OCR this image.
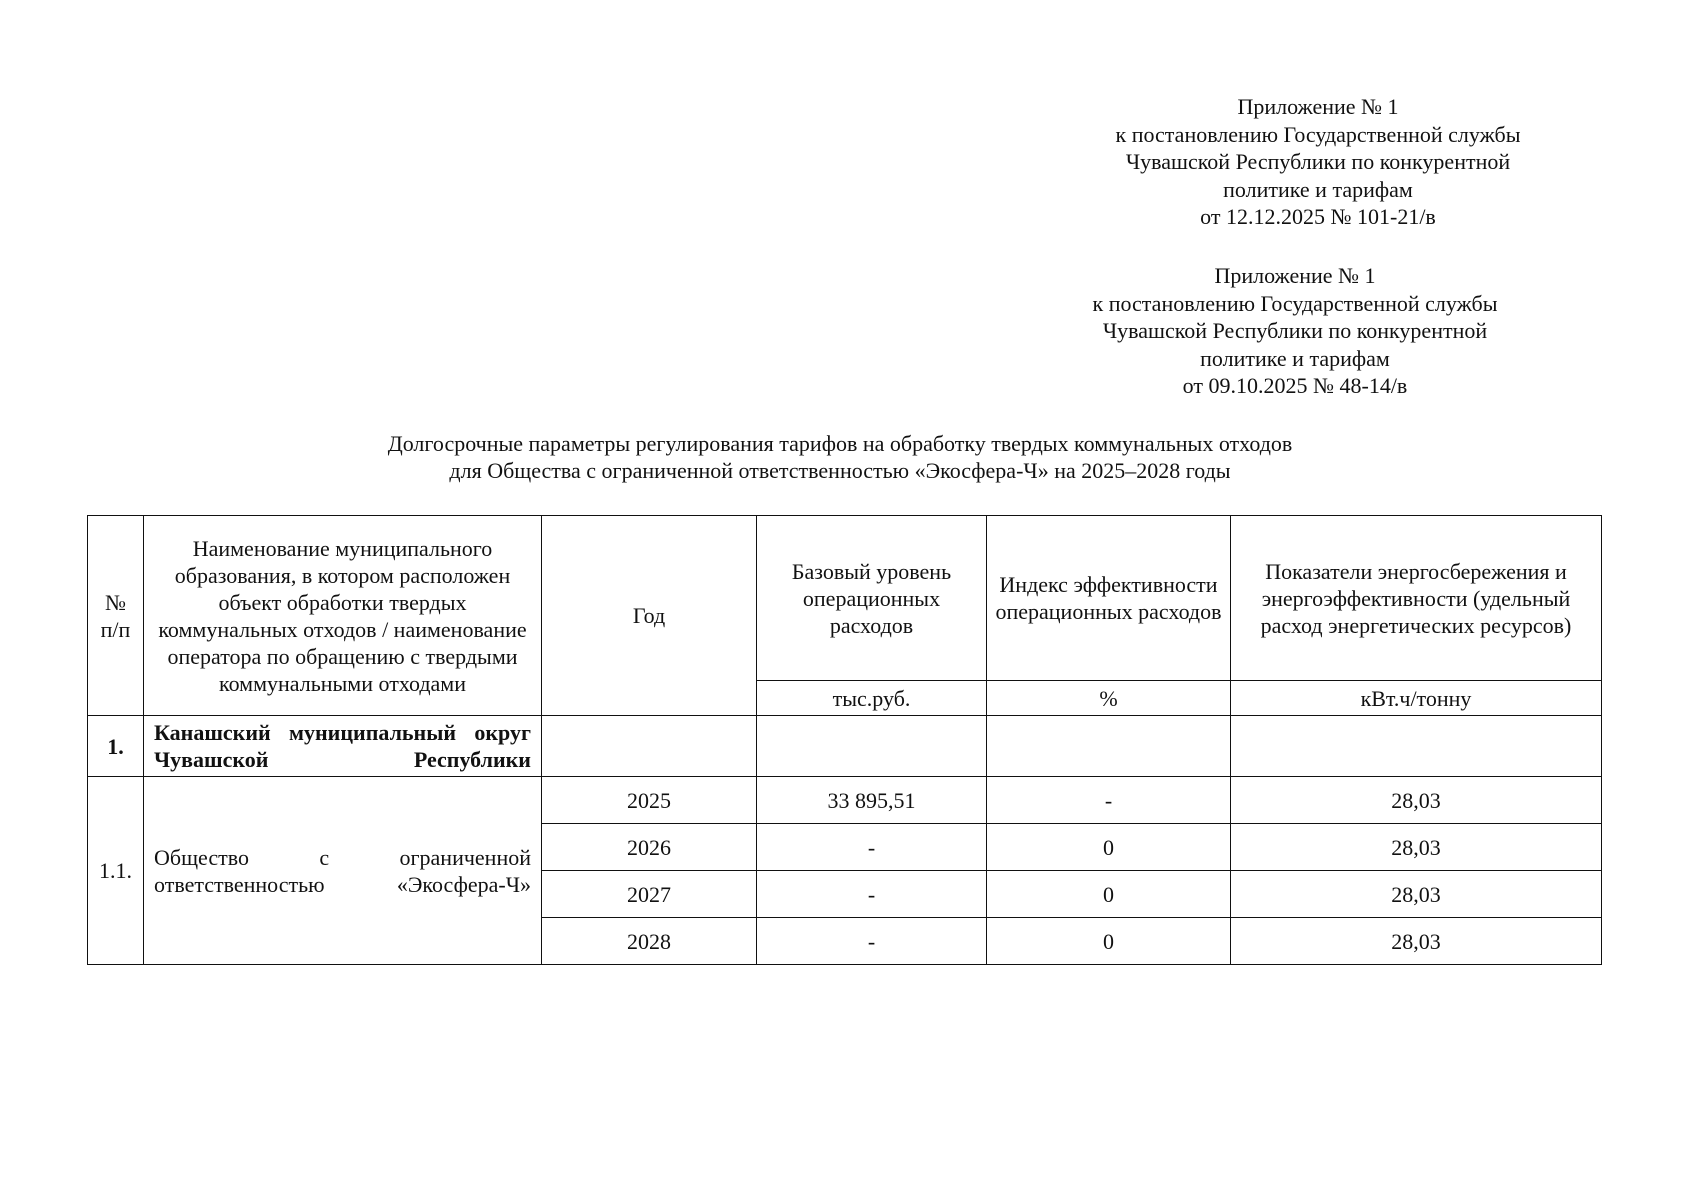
Приложение № 1
к постановлению Государственной службы
Чувашской Республики по конкурентной
политике и тарифам
от 12.12.2025 № 101-21/в
Приложение № 1
к постановлению Государственной службы
Чувашской Республики по конкурентной
политике и тарифам
от 09.10.2025 № 48-14/в
Долгосрочные параметры регулирования тарифов на обработку твердых коммунальных отходов
для Общества с ограниченной ответственностью «Экосфера-Ч» на 2025–2028 годы
№ п/п	Наименование муниципального образования, в котором расположен объект обработки твердых коммунальных отходов / наименование оператора по обращению с твердыми коммунальными отходами	Год	Базовый уровень операционных расходов	Индекс эффективности операционных расходов	Показатели энергосбережения и энергоэффективности (удельный расход энергетических ресурсов)
			тыс.руб.	%	кВт.ч/тонну
1.	Канашский муниципальный округ Чувашской Республики				
1.1.	Общество с ограниченной ответственностью «Экосфера-Ч»	2025	33 895,51	-	28,03
		2026	-	0	28,03
		2027	-	0	28,03
		2028	-	0	28,03
